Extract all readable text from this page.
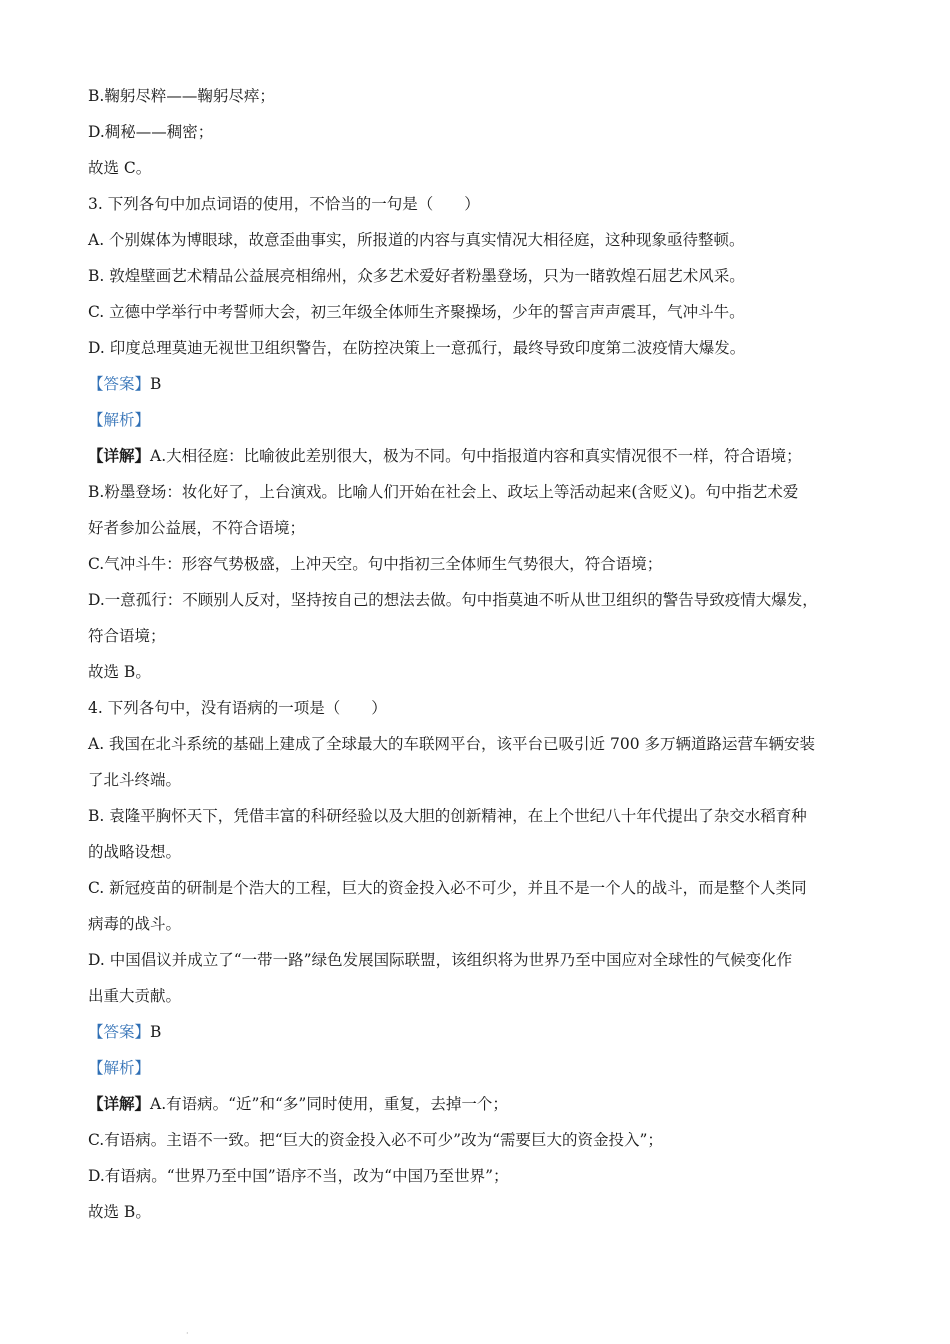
B.鞠躬尽粹——鞠躬尽瘁；
D.稠秘——稠密；
故选 C。
3. 下列各句中加点词语的使用，不恰当的一句是（　　）
A. 个别媒体为博眼球，故意歪曲事实，所报道的内容与真实情况大相径庭，这种现象亟待整顿。
B. 敦煌壁画艺术精品公益展亮相绵州，众多艺术爱好者粉墨登场，只为一睹敦煌石屈艺术风采。
C. 立德中学举行中考誓师大会，初三年级全体师生齐聚操场，少年的誓言声声震耳，气冲斗牛。
D. 印度总理莫迪无视世卫组织警告，在防控决策上一意孤行，最终导致印度第二波疫情大爆发。
【答案】B
【解析】
【详解】A.大相径庭：比喻彼此差别很大，极为不同。句中指报道内容和真实情况很不一样，符合语境；
B.粉墨登场：妆化好了，上台演戏。比喻人们开始在社会上、政坛上等活动起来(含贬义)。句中指艺术爱
好者参加公益展，不符合语境；
C.气冲斗牛：形容气势极盛，上冲天空。句中指初三全体师生气势很大，符合语境；
D.一意孤行：不顾别人反对，坚持按自己的想法去做。句中指莫迪不听从世卫组织的警告导致疫情大爆发，
符合语境；
故选 B。
4. 下列各句中，没有语病的一项是（　　）
A. 我国在北斗系统的基础上建成了全球最大的车联网平台，该平台已吸引近 700 多万辆道路运营车辆安装
了北斗终端。
B. 袁隆平胸怀天下，凭借丰富的科研经验以及大胆的创新精神，在上个世纪八十年代提出了杂交水稻育种
的战略设想。
C. 新冠疫苗的研制是个浩大的工程，巨大的资金投入必不可少，并且不是一个人的战斗，而是整个人类同
病毒的战斗。
D. 中国倡议并成立了“一带一路”绿色发展国际联盟，该组织将为世界乃至中国应对全球性的气候变化作
出重大贡献。
【答案】B
【解析】
【详解】A.有语病。“近”和“多”同时使用，重复，去掉一个；
C.有语病。主语不一致。把“巨大的资金投入必不可少”改为“需要巨大的资金投入”；
D.有语病。“世界乃至中国”语序不当，改为“中国乃至世界”；
故选 B。
·
